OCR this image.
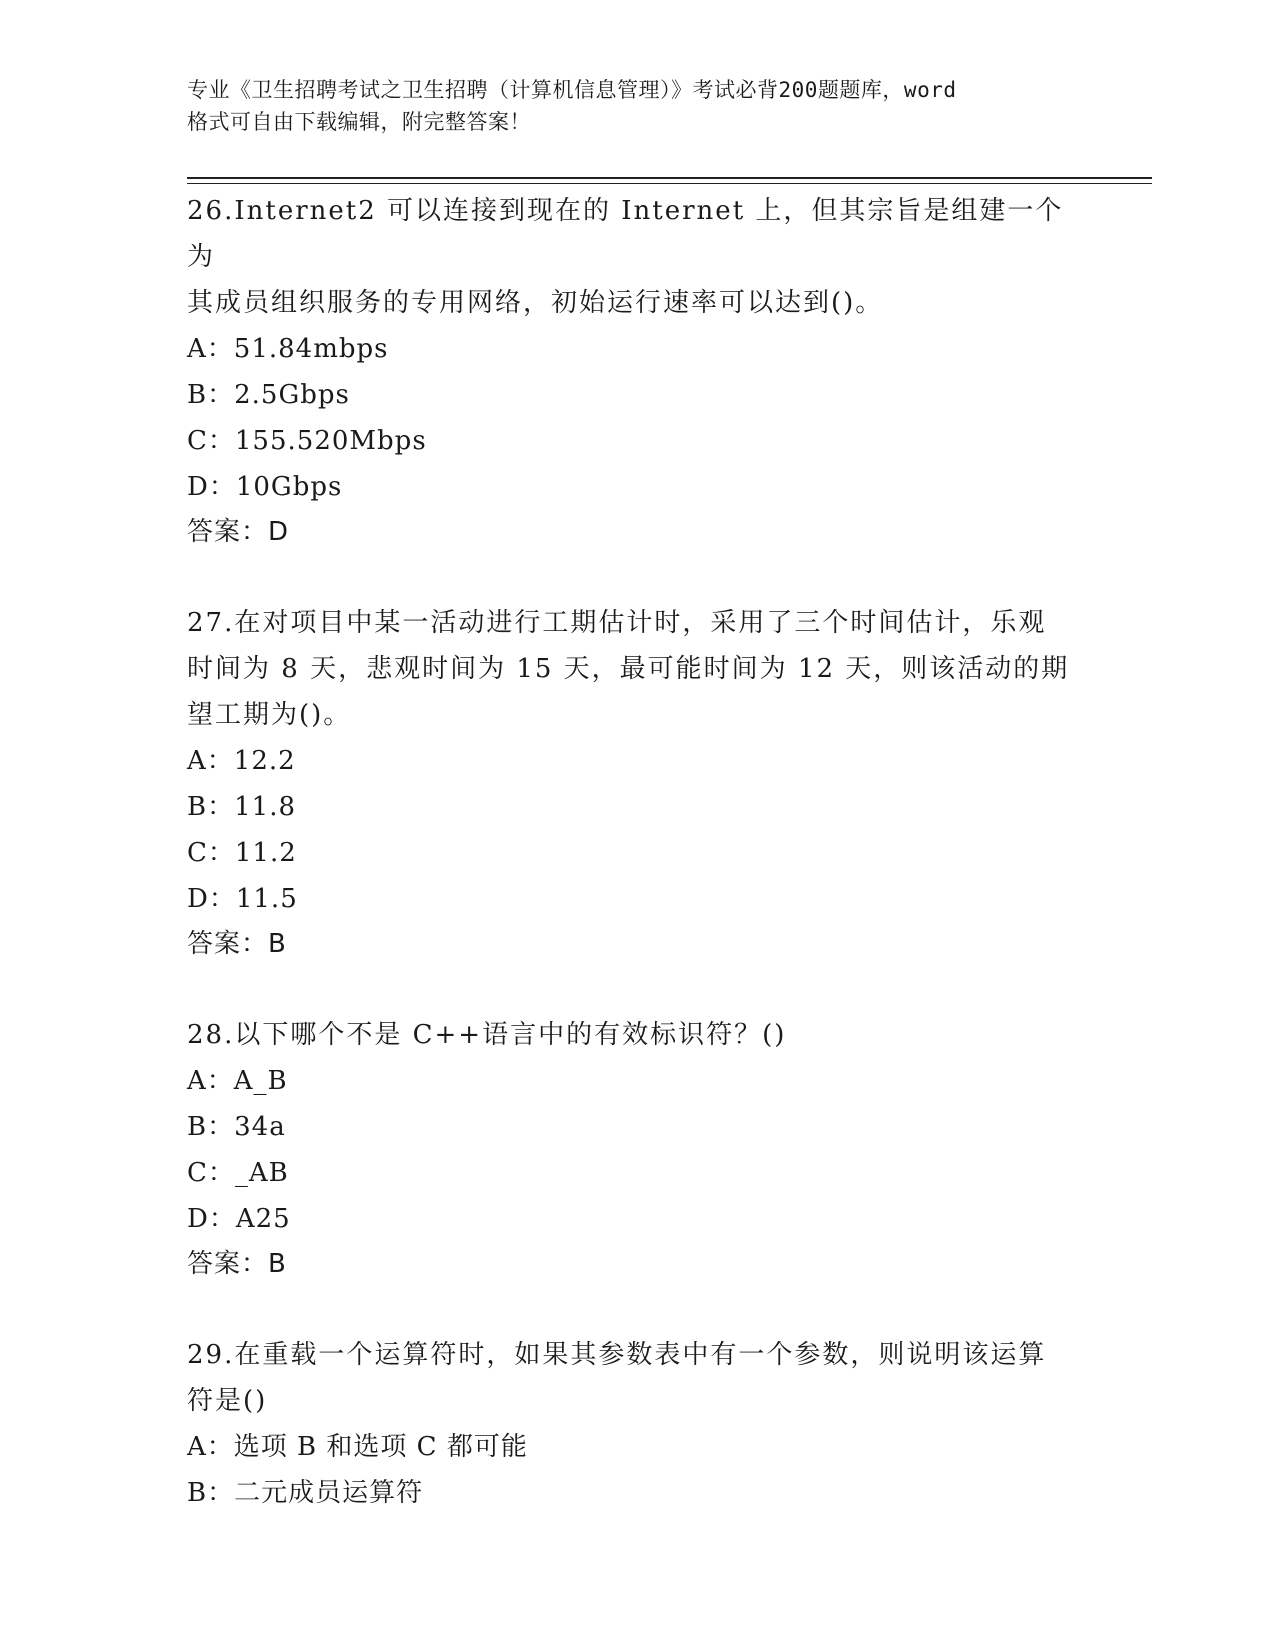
专业《卫生招聘考试之卫生招聘（计算机信息管理）》考试必背200题题库，word
格式可自由下载编辑，附完整答案！
26.Internet2 可以连接到现在的 Internet 上，但其宗旨是组建一个为
其成员组织服务的专用网络，初始运行速率可以达到()。
A：51.84mbps
B：2.5Gbps
C：155.520Mbps
D：10Gbps
答案：D
27.在对项目中某一活动进行工期估计时，采用了三个时间估计，乐观
时间为 8 天，悲观时间为 15 天，最可能时间为 12 天，则该活动的期
望工期为()。
A：12.2
B：11.8
C：11.2
D：11.5
答案：B
28.以下哪个不是 C++语言中的有效标识符？()
A：A_B
B：34a
C：_AB
D：A25
答案：B
29.在重载一个运算符时，如果其参数表中有一个参数，则说明该运算
符是()
A：选项 B 和选项 C 都可能
B：二元成员运算符
